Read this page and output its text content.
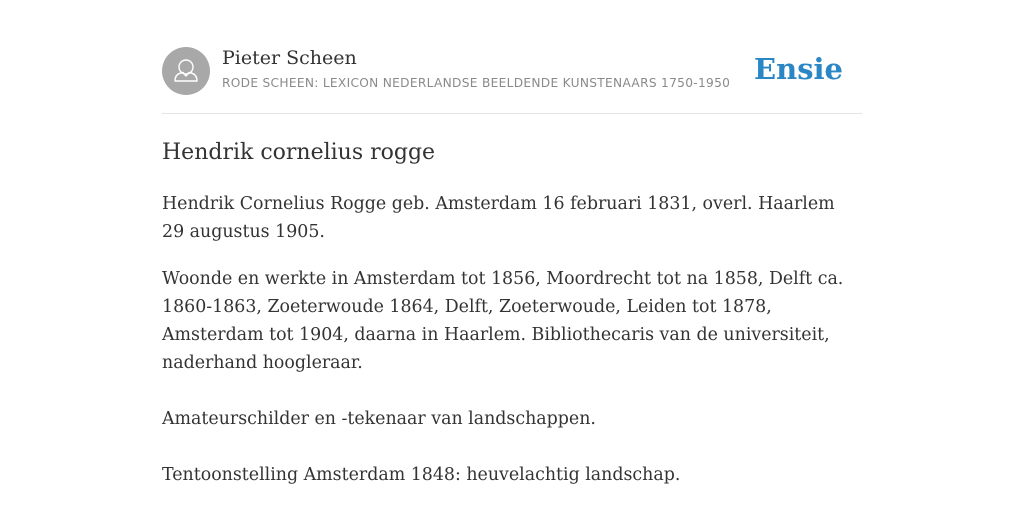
Pieter Scheen
RODE SCHEEN: LEXICON NEDERLANDSE BEELDENDE KUNSTENAARS 1750-1950 Ensie
Hendrik cornelius rogge

Hendrik Cornelius Rogge geb. Amsterdam 16 februari 1831, overl. Haarlem 29 augustus 1905.

Woonde en werkte in Amsterdam tot 1856, Moordrecht tot na 1858, Delft ca. 1860-1863, Zoeterwoude 1864, Delft, Zoeterwoude, Leiden tot 1878, Amsterdam tot 1904, daarna in Haarlem. Bibliothecaris van de universiteit, naderhand hoogleraar.

Amateurschilder en -tekenaar van landschappen.

Tentoonstelling Amsterdam 1848: heuvelachtig landschap.
